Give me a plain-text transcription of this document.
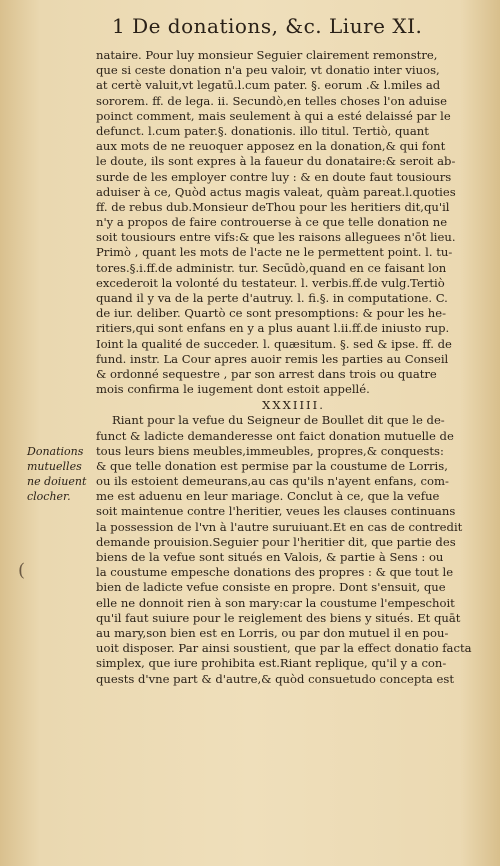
1 De donations, &c. Liure XI.
Donations
mutuelles
ne doiuent
clocher.
(
nataire. Pour luy monsieur Seguier clairement remonstre,
que si ceste donation n'a peu valoir, vt donatio inter viuos,
at certè valuit,vt legatū.l.cum pater. §. eorum .& l.miles ad
sororem. ff. de lega. ii. Secundò,en telles choses l'on aduise
poinct comment, mais seulement à qui a esté delaissé par le
defunct. l.cum pater.§. donationis. illo titul. Tertiò, quant
aux mots de ne reuoquer apposez en la donation,& qui font
le doute, ils sont expres à la faueur du donataire:& seroit ab-
surde de les employer contre luy : & en doute faut tousiours
aduiser à ce, Quòd actus magis valeat, quàm pareat.l.quoties
ff. de rebus dub.Monsieur deThou pour les heritiers dit,qu'il
n'y a propos de faire controuerse à ce que telle donation ne
soit tousiours entre vifs:& que les raisons alleguees n'ōt lieu.
Primò , quant les mots de l'acte ne le permettent point. l. tu-
tores.§.i.ff.de administr. tur. Secūdò,quand en ce faisant lon
excederoit la volonté du testateur. l. verbis.ff.de vulg.Tertiò
quand il y va de la perte d'autruy. l. fi.§. in computatione. C.
de iur. deliber. Quartò ce sont presomptions: & pour les he-
ritiers,qui sont enfans en y a plus auant l.ii.ff.de iniusto rup.
Ioint la qualité de succeder. l. quæsitum. §. sed & ipse. ff. de
fund. instr. La Cour apres auoir remis les parties au Conseil
& ordonné sequestre , par son arrest dans trois ou quatre
mois confirma le iugement dont estoit appellé.
XXXIIII.
Riant pour la vefue du Seigneur de Boullet dit que le de-
funct & ladicte demanderesse ont faict donation mutuelle de
tous leurs biens meubles,immeubles, propres,& conquests:
& que telle donation est permise par la coustume de Lorris,
ou ils estoient demeurans,au cas qu'ils n'ayent enfans, com-
me est aduenu en leur mariage. Conclut à ce, que la vefue
soit maintenue contre l'heritier, veues les clauses continuans
la possession de l'vn à l'autre suruiuant.Et en cas de contredit
demande prouision.Seguier pour l'heritier dit, que partie des
biens de la vefue sont situés en Valois, & partie à Sens : ou
la coustume empesche donations des propres : & que tout le
bien de ladicte vefue consiste en propre. Dont s'ensuit, que
elle ne donnoit rien à son mary:car la coustume l'empeschoit
qu'il faut suiure pour le reiglement des biens y situés. Et quāt
au mary,son bien est en Lorris, ou par don mutuel il en pou-
uoit disposer. Par ainsi soustient, que par la effect donatio facta
simplex, que iure prohibita est.Riant replique, qu'il y a con-
quests d'vne part & d'autre,& quòd consuetudo concepta est
